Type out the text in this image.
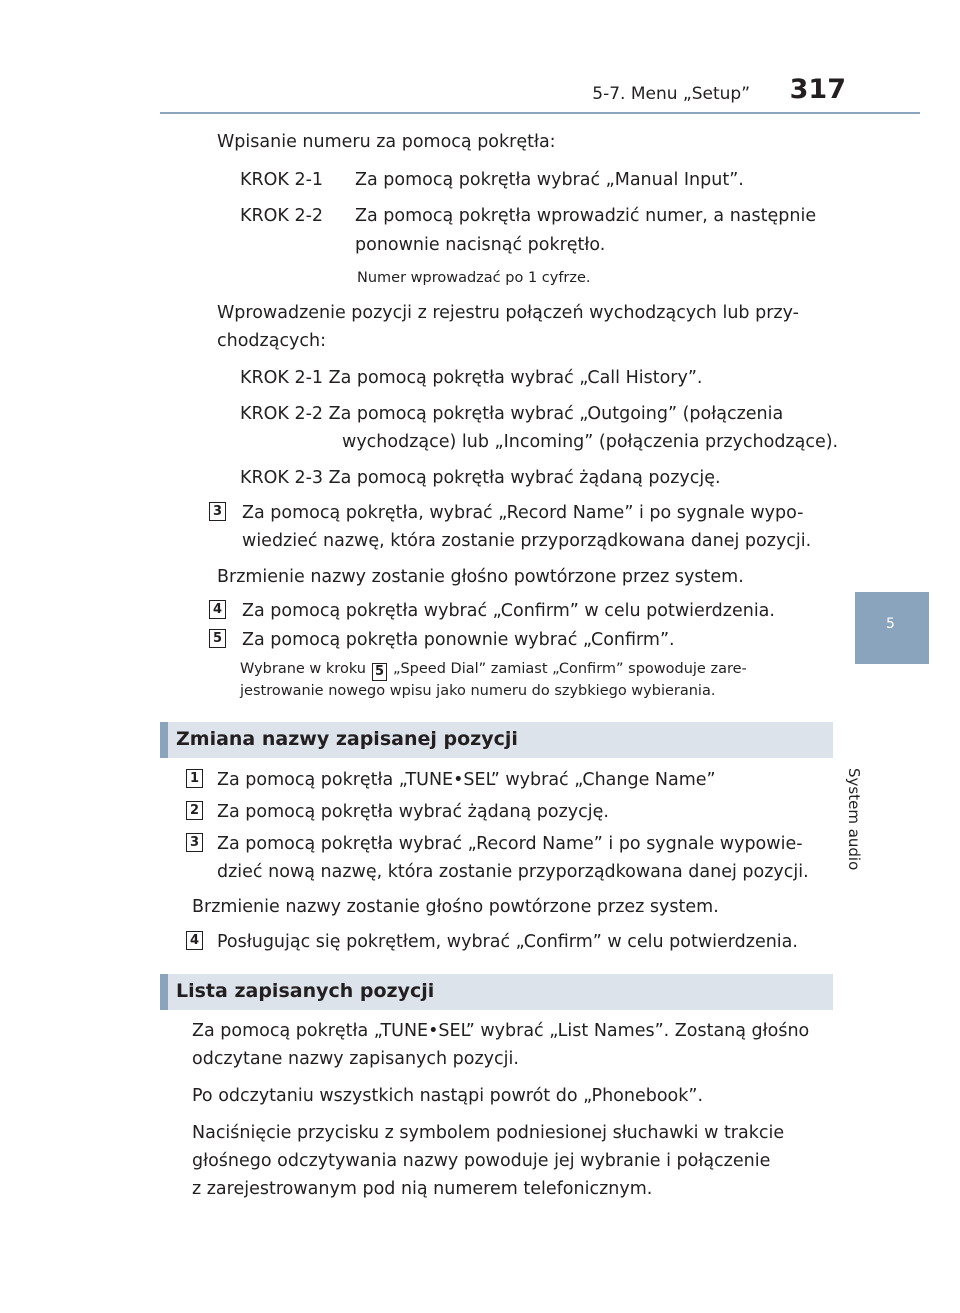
5-7. Menu „Setup” 317
5
System audio

Wpisanie numeru za pomocą pokrętła:

KROK 2-1 Za pomocą pokrętła wybrać „Manual Input”.

KROK 2-2 Za pomocą pokrętła wprowadzić numer, a następnie

ponownie nacisnąć pokrętło.

Numer wprowadzać po 1 cyfrze.

Wprowadzenie pozycji z rejestru połączeń wychodzących lub przy-

chodzących:

KROK 2-1 Za pomocą pokrętła wybrać „Call History”.

KROK 2-2 Za pomocą pokrętła wybrać „Outgoing” (połączenia

wychodzące) lub „Incoming” (połączenia przychodzące).

KROK 2-3 Za pomocą pokrętła wybrać żądaną pozycję.

3 Za pomocą pokrętła, wybrać „Record Name” i po sygnale wypo-

wiedzieć nazwę, która zostanie przyporządkowana danej pozycji.

Brzmienie nazwy zostanie głośno powtórzone przez system.

4 Za pomocą pokrętła wybrać „Confirm” w celu potwierdzenia.

5 Za pomocą pokrętła ponownie wybrać „Confirm”.

Wybrane w kroku 5 „Speed Dial” zamiast „Confirm” spowoduje zare-

jestrowanie nowego wpisu jako numeru do szybkiego wybierania.

Zmiana nazwy zapisanej pozycji
1 Za pomocą pokrętła „TUNE•SEL” wybrać „Change Name”

2 Za pomocą pokrętła wybrać żądaną pozycję.

3 Za pomocą pokrętła wybrać „Record Name” i po sygnale wypowie-

dzieć nową nazwę, która zostanie przyporządkowana danej pozycji.

Brzmienie nazwy zostanie głośno powtórzone przez system.

4 Posługując się pokrętłem, wybrać „Confirm” w celu potwierdzenia.

Lista zapisanych pozycji

Za pomocą pokrętła „TUNE•SEL” wybrać „List Names”. Zostaną głośno

odczytane nazwy zapisanych pozycji.

Po odczytaniu wszystkich nastąpi powrót do „Phonebook”.

Naciśnięcie przycisku z symbolem podniesionej słuchawki w trakcie

głośnego odczytywania nazwy powoduje jej wybranie i połączenie

z zarejestrowanym pod nią numerem telefonicznym.
